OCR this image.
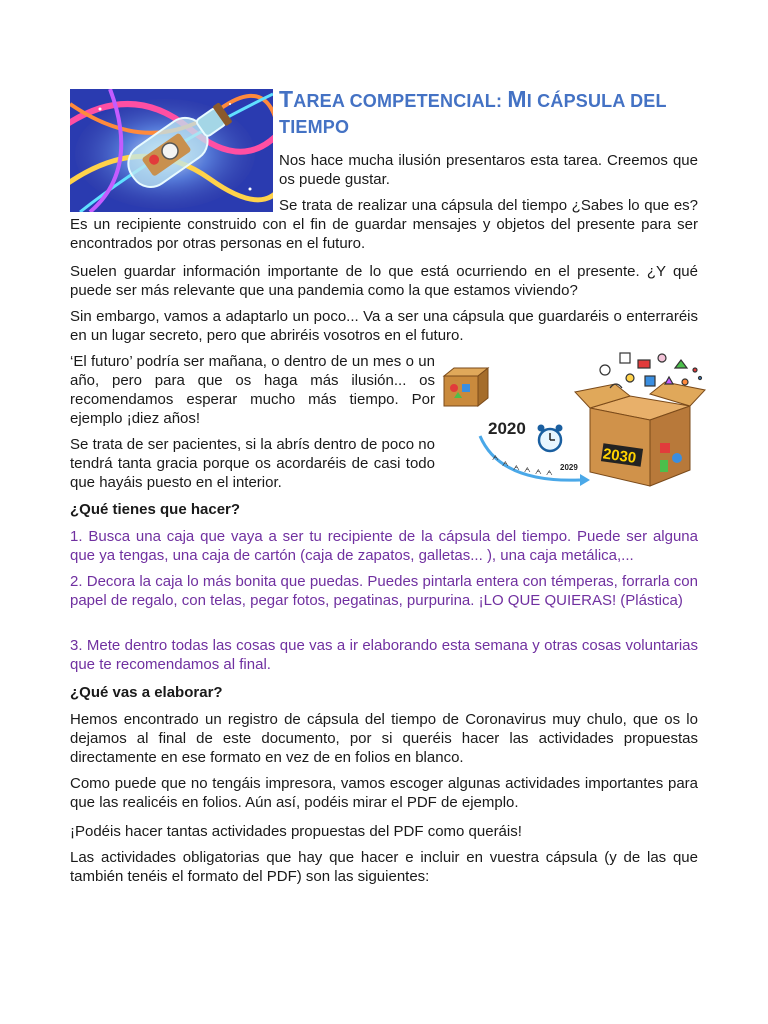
TAREA COMPETENCIAL: MI CÁPSULA DEL
TIEMPO
Nos hace mucha ilusión presentaros esta tarea. Creemos que os puede gustar.
Se trata de realizar una cápsula del tiempo ¿Sabes lo que es? Es un recipiente construido con el fin de guardar mensajes y objetos del presente para ser encontrados por otras personas en el futuro.
Suelen guardar información importante de lo que está ocurriendo en el presente. ¿Y qué puede ser más relevante que una pandemia como la que estamos viviendo?
Sin embargo, vamos a adaptarlo un poco... Va a ser una cápsula que guardaréis o enterraréis en un lugar secreto, pero que abriréis vosotros en el futuro.
‘El futuro’ podría ser mañana, o dentro de un mes o un año, pero para que os haga más ilusión... os recomendamos esperar mucho más tiempo. Por ejemplo ¡diez años!
Se trata de ser pacientes, si la abrís dentro de poco no tendrá tanta gracia porque os acordaréis de casi todo que hayáis puesto en el interior.
ᗅ
ᗅ
ᗅ ᗅ ᗅ ᗅ
2020
2029
2030
¿Qué tienes que hacer?
1. Busca una caja que vaya a ser tu recipiente de la cápsula del tiempo. Puede ser alguna que ya tengas, una caja de cartón (caja de zapatos, galletas... ), una caja metálica,...
2. Decora la caja lo más bonita que puedas. Puedes pintarla entera con témperas, forrarla con papel de regalo, con telas, pegar fotos, pegatinas, purpurina. ¡LO QUE QUIERAS! (Plástica)
3. Mete dentro todas las cosas que vas a ir elaborando esta semana y otras cosas voluntarias que te recomendamos al final.
¿Qué vas a elaborar?
Hemos encontrado un registro de cápsula del tiempo de Coronavirus muy chulo, que os lo dejamos al final de este documento, por si queréis hacer las actividades propuestas directamente en ese formato en vez de en folios en blanco.
Como puede que no tengáis impresora, vamos escoger algunas actividades importantes para que las realicéis en folios. Aún así, podéis mirar el PDF de ejemplo.
¡Podéis hacer tantas actividades propuestas del PDF como queráis!
Las actividades obligatorias que hay que hacer e incluir en vuestra cápsula (y de las que también tenéis el formato del PDF) son las siguientes:
